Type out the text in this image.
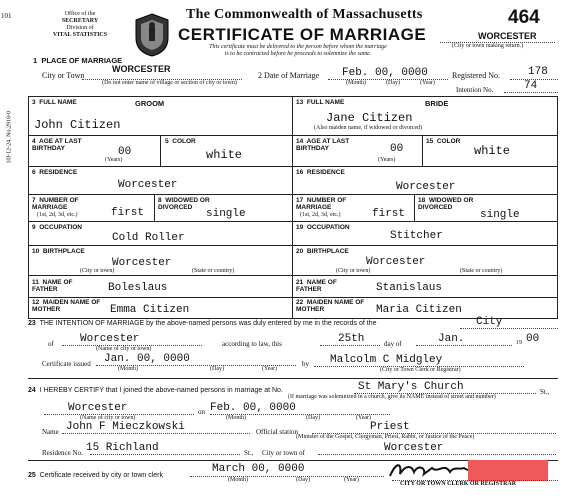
10l-12-24. No.2918-0
101	Office of the
SECRETARY
Division of
VITAL STATISTICS
The Commonwealth of Massachusetts
CERTIFICATE OF MARRIAGE
This certificate must be delivered to the person before whom the marriage
is to be contracted before he proceeds to solemnize the same.
464
WORCESTER
(City or town making return.)
1 PLACE OF MARRIAGE
City or Town
WORCESTER
(Do not enter name of village or section of city or town)
2 Date of Marriage Feb. 00, 0000
(Month)	(Day)	(Year)
Registered No.	178
Intention No.	74
3 FULL NAME	GROOM
John Citizen
4 AGE AT LAST BIRTHDAY	00
(Years)
5 COLOR
white
6 RESIDENCE
Worcester
7 NUMBER OF MARRIAGE
(1st, 2d, 3d, etc.)	first
8 WIDOWED OR DIVORCED
single
9 OCCUPATION
Cold Roller
10 BIRTHPLACE
Worcester
(City or town)	(State or country)
11 NAME OF FATHER	Boleslaus
12 MAIDEN NAME OF MOTHER	Emma Citizen
13 FULL NAME	BRIDE
Jane Citizen
(Also maiden name, if widowed or divorced)
14 AGE AT LAST BIRTHDAY	00
(Years)
15 COLOR
white
16 RESIDENCE
Worcester
17 NUMBER OF MARRIAGE
(1st, 2d, 3d, etc.)	first
18 WIDOWED OR DIVORCED
single
19 OCCUPATION
Stitcher
20 BIRTHPLACE
Worcester
(City or town)	(State or country)
21 NAME OF FATHER	Stanislaus
22 MAIDEN NAME OF MOTHER	Maria Citizen
23 THE INTENTION OF MARRIAGE by the above-named persons was duly entered by me in the records of the	City
of Worcester
(Name of city or town)
according to law, this	25th	day of	Jan.	19 00
Certificate issued Jan. 00, 0000
(Month)	(Day)	(Year)
by Malcolm C Midgley
(City or Town Clerk or Registrar)
24 I HEREBY CERTIFY that I joined the above-named persons in marriage at No.	St Mary's Church	St.,
(If marriage was solemnized in a church, give its NAME instead of street and number)
Worcester
(Name of city or town)
on Feb. 00, 0000
(Month)	(Day)	(Year)
Name John F Mieczkowski	Official station	Priest
(Minister of the Gospel, Clergyman, Priest, Rabbi, or Justice of the Peace)
Residence No. 15 Richland	St., City or town of	Worcester
25 Certificate received by city or town clerk
March 00, 0000
(Month)	(Day)	(Year)
CITY OR TOWN CLERK OR REGISTRAR
